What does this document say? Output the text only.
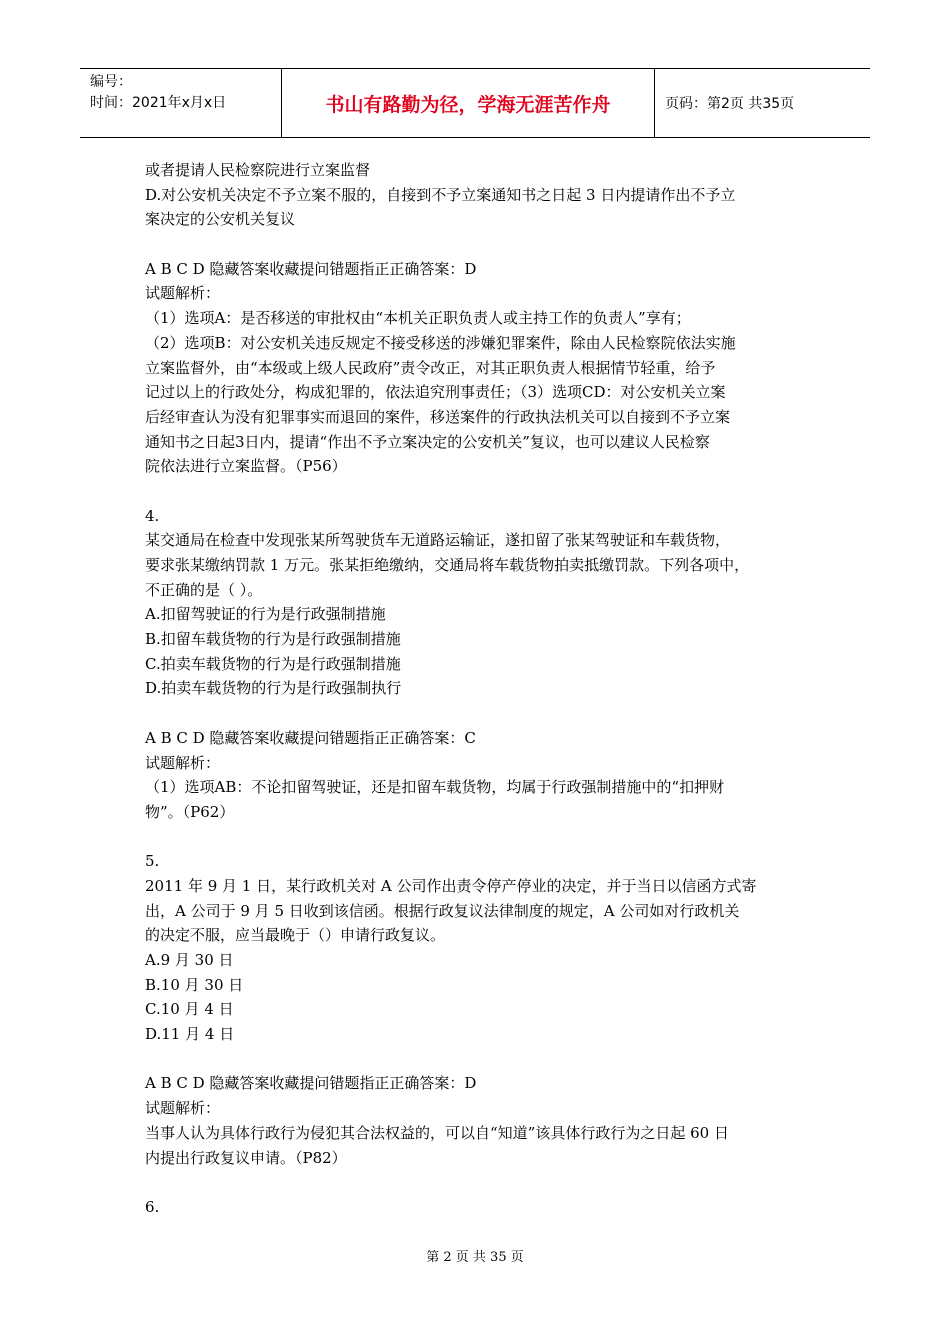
编号：
时间：2021年x月x日	书山有路勤为径，学海无涯苦作舟	页码：第2页 共35页
或者提请人民检察院进行立案监督
D.对公安机关决定不予立案不服的，自接到不予立案通知书之日起 3 日内提请作出不予立
案决定的公安机关复议
A B C D 隐藏答案收藏提问错题指正正确答案：D
试题解析：
（1）选项A：是否移送的审批权由“本机关正职负责人或主持工作的负责人”享有；
（2）选项B：对公安机关违反规定不接受移送的涉嫌犯罪案件，除由人民检察院依法实施
立案监督外，由“本级或上级人民政府”责令改正，对其正职负责人根据情节轻重，给予
记过以上的行政处分，构成犯罪的，依法追究刑事责任；（3）选项CD：对公安机关立案
后经审查认为没有犯罪事实而退回的案件，移送案件的行政执法机关可以自接到不予立案
通知书之日起3日内，提请“作出不予立案决定的公安机关”复议，也可以建议人民检察
院依法进行立案监督。（P56）
4.
某交通局在检查中发现张某所驾驶货车无道路运输证，遂扣留了张某驾驶证和车载货物，
要求张某缴纳罚款 1 万元。张某拒绝缴纳，交通局将车载货物拍卖抵缴罚款。下列各项中，
不正确的是（ ）。
A.扣留驾驶证的行为是行政强制措施
B.扣留车载货物的行为是行政强制措施
C.拍卖车载货物的行为是行政强制措施
D.拍卖车载货物的行为是行政强制执行
A B C D 隐藏答案收藏提问错题指正正确答案：C
试题解析：
（1）选项AB：不论扣留驾驶证，还是扣留车载货物，均属于行政强制措施中的“扣押财
物”。（P62）
5.
2011 年 9 月 1 日，某行政机关对 A 公司作出责令停产停业的决定，并于当日以信函方式寄
出，A 公司于 9 月 5 日收到该信函。根据行政复议法律制度的规定，A 公司如对行政机关
的决定不服，应当最晚于（）申请行政复议。
A.9 月 30 日
B.10 月 30 日
C.10 月 4 日
D.11 月 4 日
A B C D 隐藏答案收藏提问错题指正正确答案：D
试题解析：
当事人认为具体行政行为侵犯其合法权益的，可以自“知道”该具体行政行为之日起 60 日
内提出行政复议申请。（P82）
6.
第 2 页 共 35 页
